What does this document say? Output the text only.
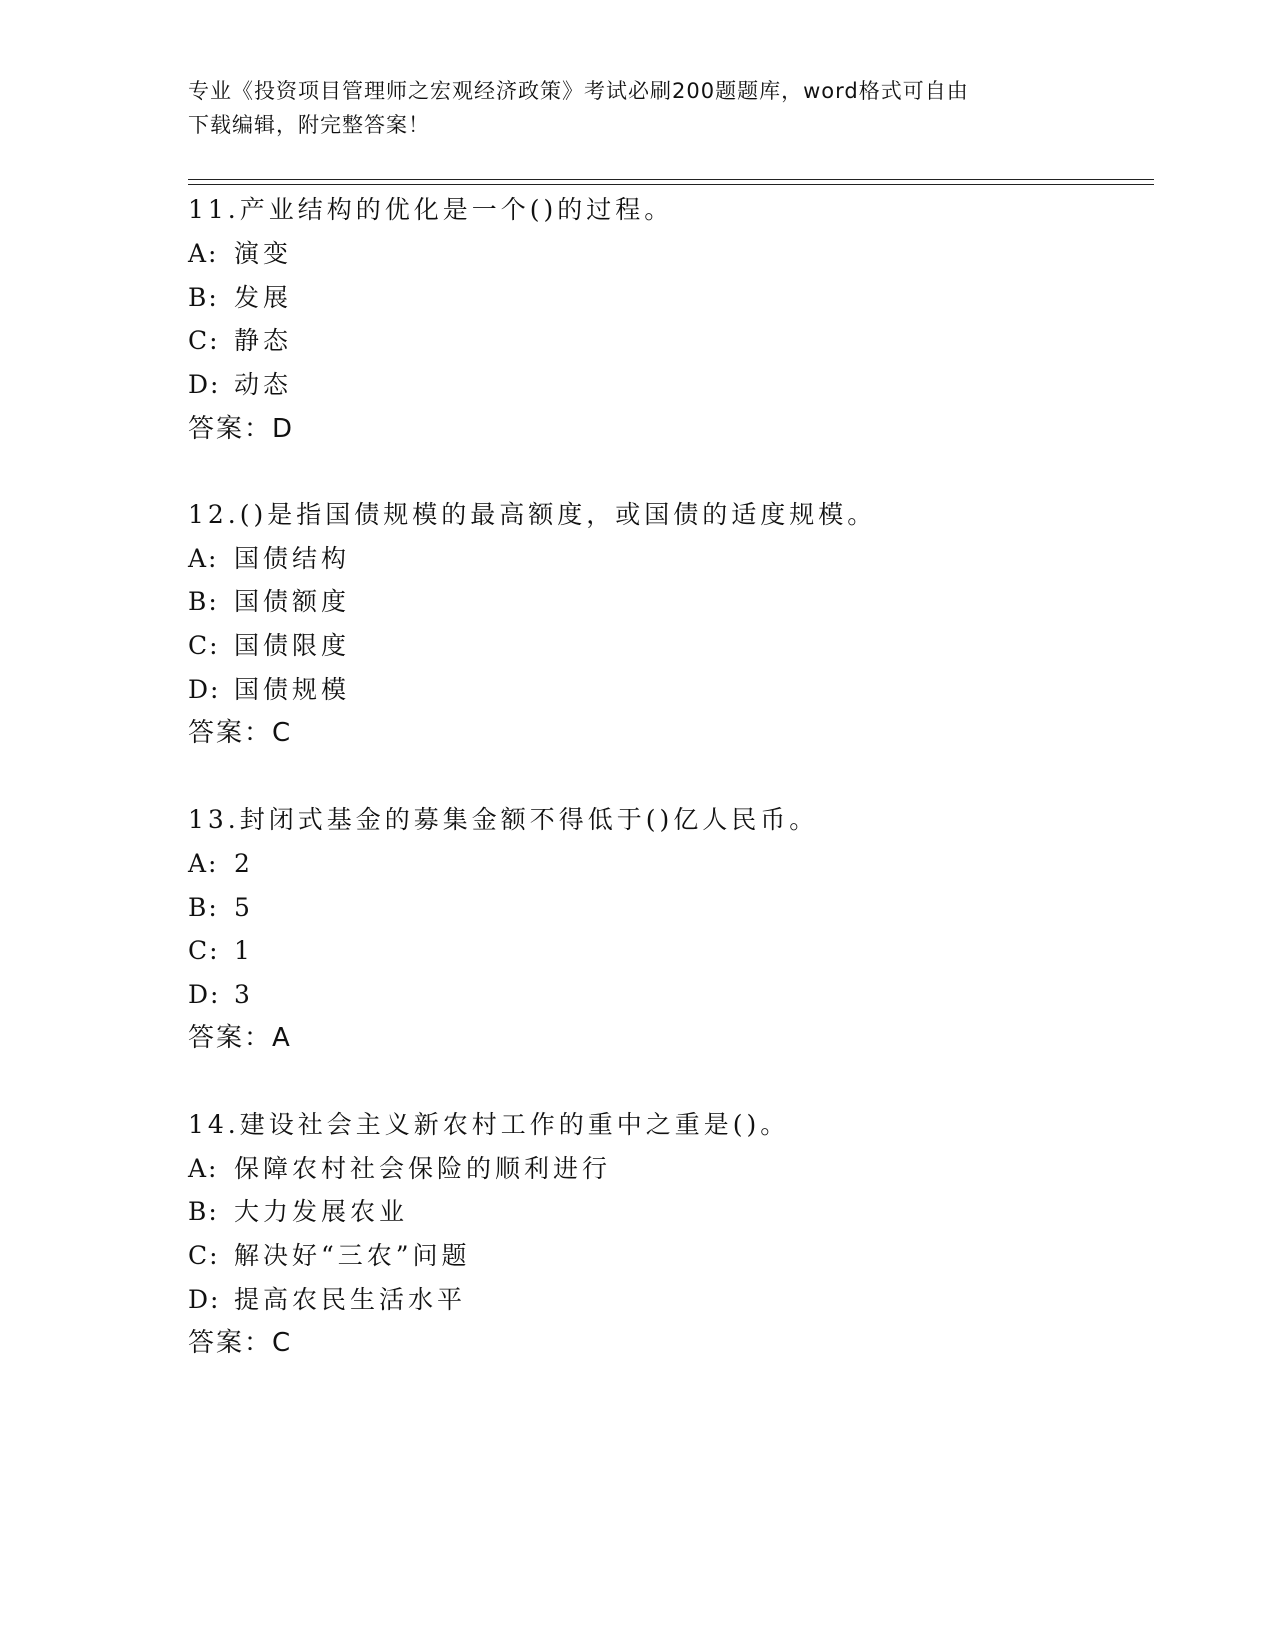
专业《投资项目管理师之宏观经济政策》考试必刷200题题库，word格式可自由
下载编辑，附完整答案！
11.产业结构的优化是一个()的过程。
A: 演变
B: 发展
C: 静态
D: 动态
答案：D
12.()是指国债规模的最高额度，或国债的适度规模。
A: 国债结构
B: 国债额度
C: 国债限度
D: 国债规模
答案：C
13.封闭式基金的募集金额不得低于()亿人民币。
A: 2
B: 5
C: 1
D: 3
答案：A
14.建设社会主义新农村工作的重中之重是()。
A: 保障农村社会保险的顺利进行
B: 大力发展农业
C: 解决好“三农”问题
D: 提高农民生活水平
答案：C
